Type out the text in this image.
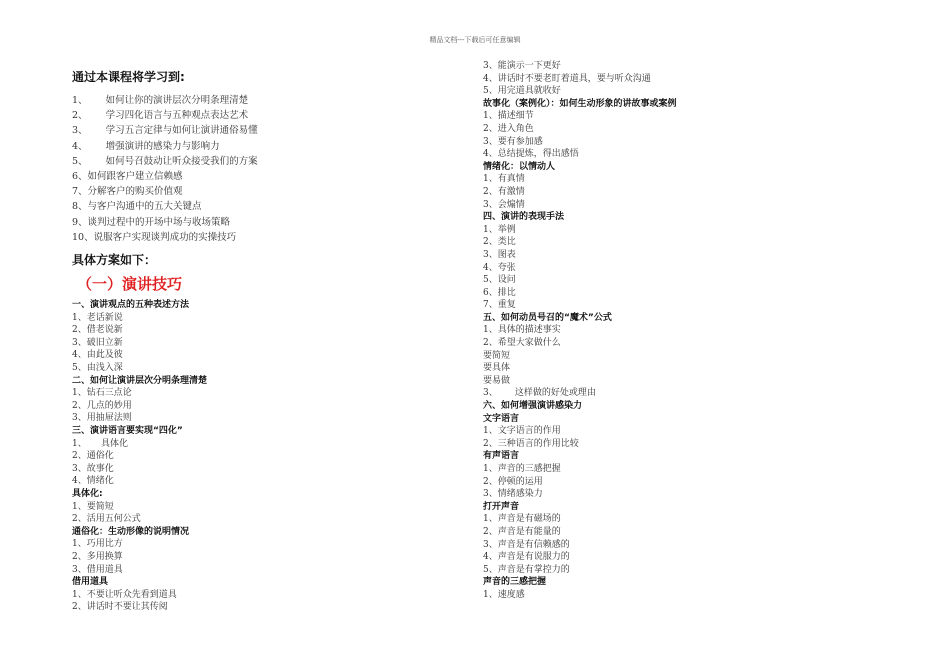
精品文档---下载后可任意编辑
通过本课程将学习到:
1、      如何让你的演讲层次分明条理清楚
2、      学习四化语言与五种观点表达艺术
3、      学习五言定律与如何让演讲通俗易懂
4、      增强演讲的感染力与影响力
5、      如何号召鼓动让听众接受我们的方案
6、如何跟客户建立信赖感
7、分解客户的购买价值观
8、与客户沟通中的五大关键点
9、谈判过程中的开场中场与收场策略
10、说服客户实现谈判成功的实操技巧
具体方案如下：
（一）演讲技巧
一、演讲观点的五种表述方法
1、老话新说
2、借老说新
3、破旧立新
4、由此及彼
5、由浅入深
二、如何让演讲层次分明条理清楚
1、钻石三点论
2、几点的妙用
3、用抽屉法则
三、演讲语言要实现“四化”
1、     具体化
2、通俗化
3、故事化
4、情绪化
具体化:
1、要简短
2、活用五何公式
通俗化：生动形像的说明情况
1、巧用比方
2、多用换算
3、借用道具
借用道具
1、不要让听众先看到道具
2、讲话时不要让其传阅
3、能演示一下更好
4、讲话时不要老盯着道具，要与听众沟通
5、用完道具就收好
故事化（案例化）：如何生动形象的讲故事或案例
1、描述细节
2、进入角色
3、要有参加感
4、总结提炼，得出感悟
情绪化：以情动人
1、有真情
2、有激情
3、会煽情
四、演讲的表现手法
1、举例
2、类比
3、图表
4、夸张
5、设问
6、排比
7、重复
五、如何动员号召的“魔术”公式
1、具体的描述事实
2、希望大家做什么
要简短
要具体
要易做
3、      这样做的好处或理由
六、如何增强演讲感染力
文字语言
1、文字语言的作用
2、三种语言的作用比较
有声语言
1、声音的三感把握
2、停顿的运用
3、情绪感染力
打开声音
1、声音是有磁场的
2、声音是有能量的
3、声音是有信赖感的
4、声音是有说服力的
5、声音是有掌控力的
声音的三感把握
1、速度感
